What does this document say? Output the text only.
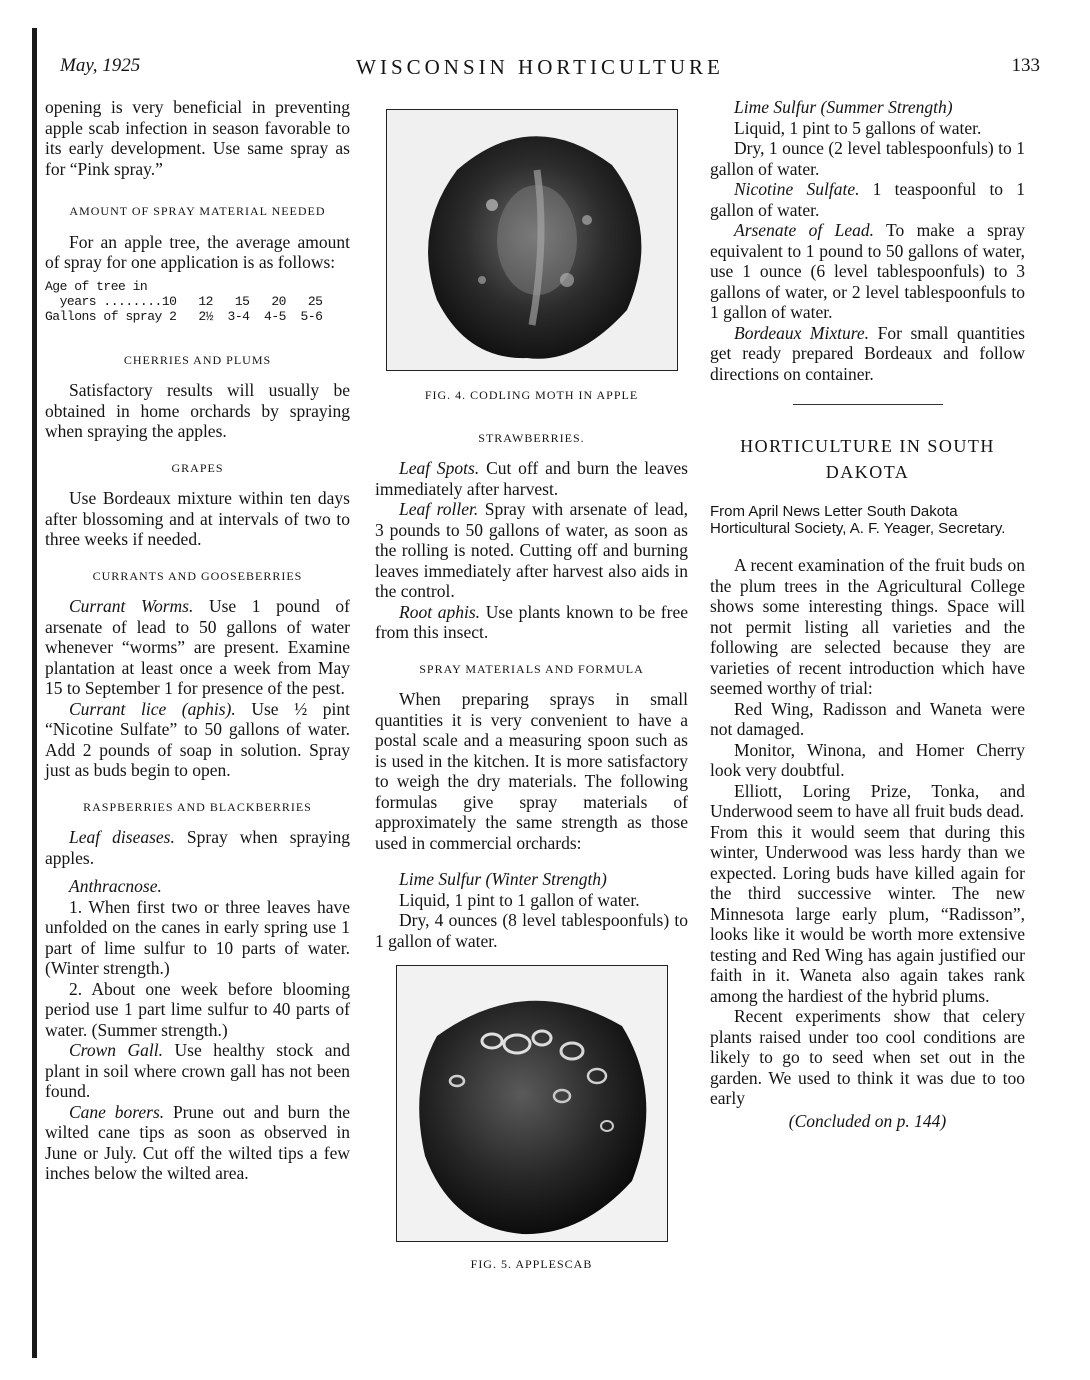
May, 1925	WISCONSIN HORTICULTURE	133

opening is very beneficial in preventing apple scab infection in season favorable to its early development. Use same spray as for “Pink spray.”

AMOUNT OF SPRAY MATERIAL NEEDED

For an apple tree, the average amount of spray for one application is as follows:

Age of tree in
years ........10   12   15   20   25
Gallons of spray 2   2½  3-4  4-5  5-6
CHERRIES AND PLUMS

Satisfactory results will usually be obtained in home orchards by spraying when spraying the apples.

GRAPES

Use Bordeaux mixture within ten days after blossoming and at intervals of two to three weeks if needed.

CURRANTS AND GOOSEBERRIES

Currant Worms. Use 1 pound of arsenate of lead to 50 gallons of water whenever “worms” are present. Examine plantation at least once a week from May 15 to September 1 for presence of the pest.

Currant lice (aphis). Use ½ pint “Nicotine Sulfate” to 50 gallons of water. Add 2 pounds of soap in solution. Spray just as buds begin to open.

RASPBERRIES AND BLACKBERRIES

Leaf diseases. Spray when spraying apples.

Anthracnose.

1. When first two or three leaves have unfolded on the canes in early spring use 1 part of lime sulfur to 10 parts of water. (Winter strength.)

2. About one week before blooming period use 1 part lime sulfur to 40 parts of water. (Summer strength.)

Crown Gall. Use healthy stock and plant in soil where crown gall has not been found.

Cane borers. Prune out and burn the wilted cane tips as soon as observed in June or July. Cut off the wilted tips a few inches below the wilted area.

FIG. 4. CODLING MOTH IN APPLE
STRAWBERRIES.

Leaf Spots. Cut off and burn the leaves immediately after harvest.

Leaf roller. Spray with arsenate of lead, 3 pounds to 50 gallons of water, as soon as the rolling is noted. Cutting off and burning leaves immediately after harvest also aids in the control.

Root aphis. Use plants known to be free from this insect.

SPRAY MATERIALS AND FORMULA

When preparing sprays in small quantities it is very convenient to have a postal scale and a measuring spoon such as is used in the kitchen. It is more satisfactory to weigh the dry materials. The following formulas give spray materials of approximately the same strength as those used in commercial orchards:

Lime Sulfur (Winter Strength)

Liquid, 1 pint to 1 gallon of water.

Dry, 4 ounces (8 level tablespoonfuls) to 1 gallon of water.

FIG. 5. APPLESCAB

Lime Sulfur (Summer Strength)

Liquid, 1 pint to 5 gallons of water.

Dry, 1 ounce (2 level tablespoonfuls) to 1 gallon of water.

Nicotine Sulfate. 1 teaspoonful to 1 gallon of water.

Arsenate of Lead. To make a spray equivalent to 1 pound to 50 gallons of water, use 1 ounce (6 level tablespoonfuls) to 3 gallons of water, or 2 level tablespoonfuls to 1 gallon of water.

Bordeaux Mixture. For small quantities get ready prepared Bordeaux and follow directions on container.

HORTICULTURE IN SOUTH DAKOTA
From April News Letter South Dakota Horticultural Society, A. F. Yeager, Secretary.

A recent examination of the fruit buds on the plum trees in the Agricultural College shows some interesting things. Space will not permit listing all varieties and the following are selected because they are varieties of recent introduction which have seemed worthy of trial:

Red Wing, Radisson and Waneta were not damaged.

Monitor, Winona, and Homer Cherry look very doubtful.

Elliott, Loring Prize, Tonka, and Underwood seem to have all fruit buds dead.

From this it would seem that during this winter, Underwood was less hardy than we expected. Loring buds have killed again for the third successive winter. The new Minnesota large early plum, “Radisson”, looks like it would be worth more extensive testing and Red Wing has again justified our faith in it. Waneta also again takes rank among the hardiest of the hybrid plums.

Recent experiments show that celery plants raised under too cool conditions are likely to go to seed when set out in the garden. We used to think it was due to too early

(Concluded on p. 144)
